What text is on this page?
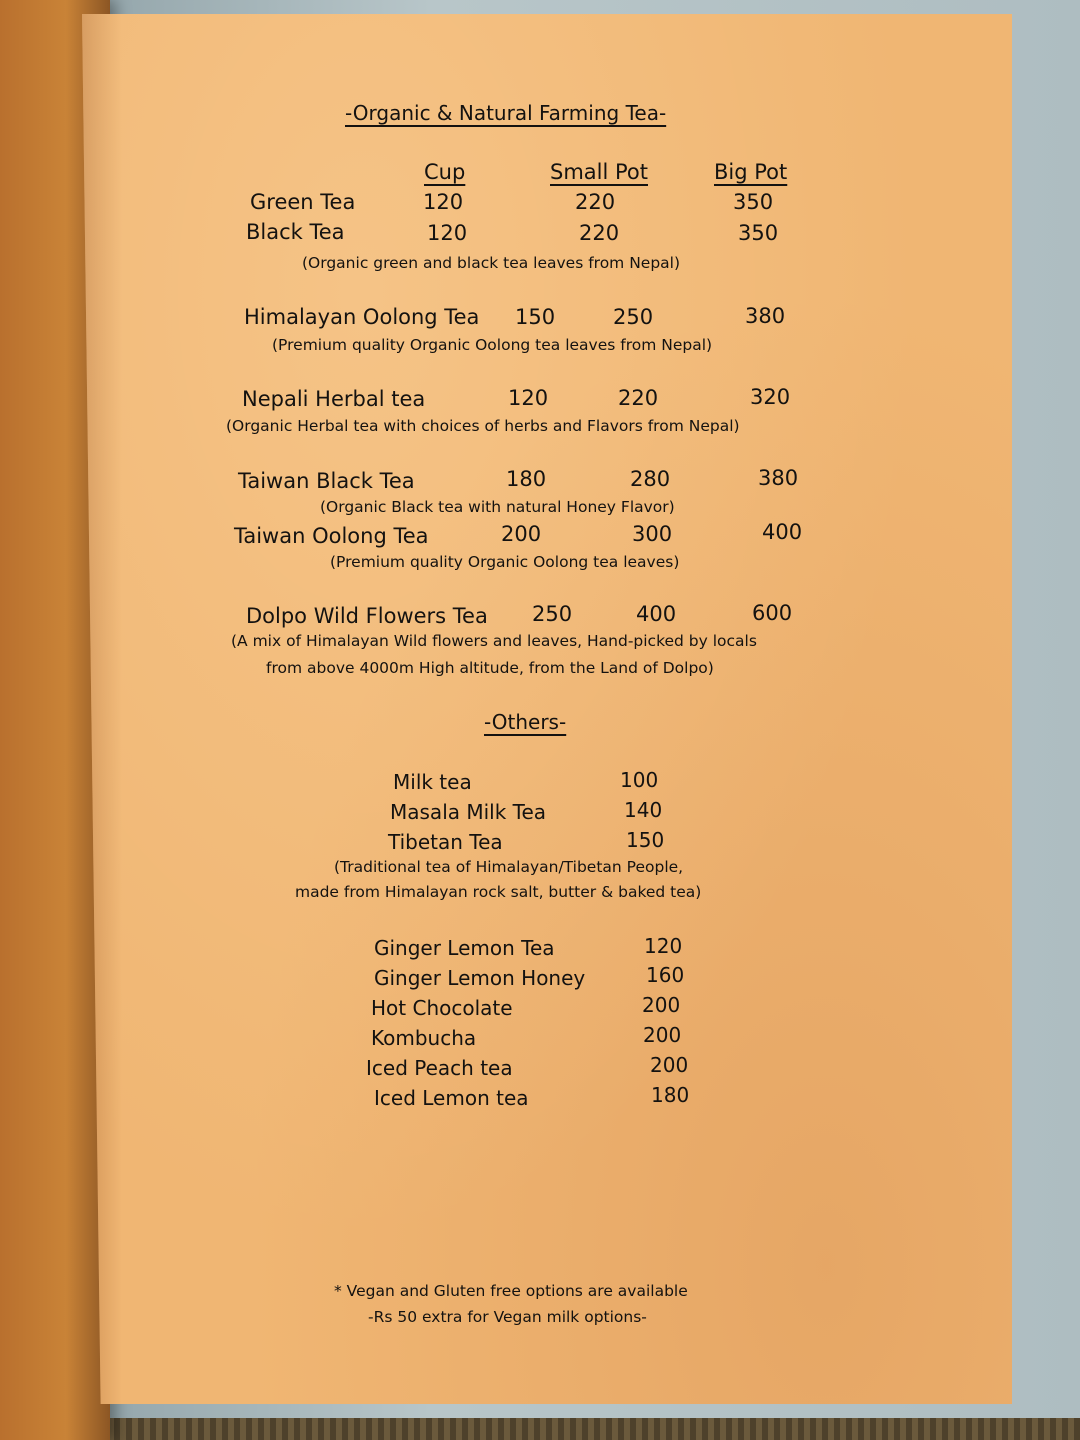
-Organic & Natural Farming Tea-
Cup	Small Pot	Big Pot
Green Tea	120	220	350
Black Tea	120	220	350
(Organic green and black tea leaves from Nepal)
Himalayan Oolong Tea 150	250	380
(Premium quality Organic Oolong tea leaves from Nepal)
Nepali Herbal tea	120	220	320
(Organic Herbal tea with choices of herbs and Flavors from Nepal)
Taiwan Black Tea	180	280	380
(Organic Black tea with natural Honey Flavor)
Taiwan Oolong Tea	200	300	400
(Premium quality Organic Oolong tea leaves)
Dolpo Wild Flowers Tea 250	400	600
(A mix of Himalayan Wild flowers and leaves, Hand-picked by locals
from above 4000m High altitude, from the Land of Dolpo)
-Others-
Milk tea	100
Masala Milk Tea	140
Tibetan Tea	150
(Traditional tea of Himalayan/Tibetan People,
made from Himalayan rock salt, butter & baked tea)
Ginger Lemon Tea	120
Ginger Lemon Honey	160
Hot Chocolate	200
Kombucha	200
Iced Peach tea	200
Iced Lemon tea	180
* Vegan and Gluten free options are available
-Rs 50 extra for Vegan milk options-
